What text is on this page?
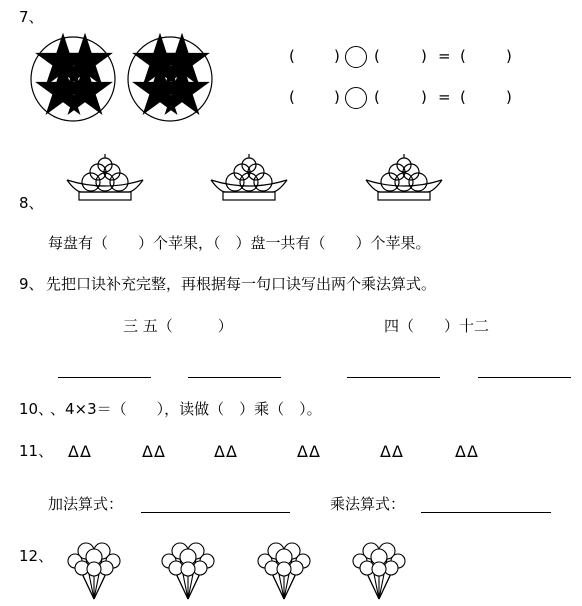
7、
(	) (	) = (	)
(	) (	) = (	)
8、
每盘有（　　）个苹果，（　）盘一共有（　　）个苹果。
9、 先把口诀补充完整，再根据每一句口诀写出两个乘法算式。
三 五（　　　）	四（　　）十二
10、
、4×3＝（　　），读做（　）乘（　）。
11、 ΔΔ	ΔΔ	ΔΔ	ΔΔ	ΔΔ	ΔΔ
加法算式：	乘法算式：
12、
